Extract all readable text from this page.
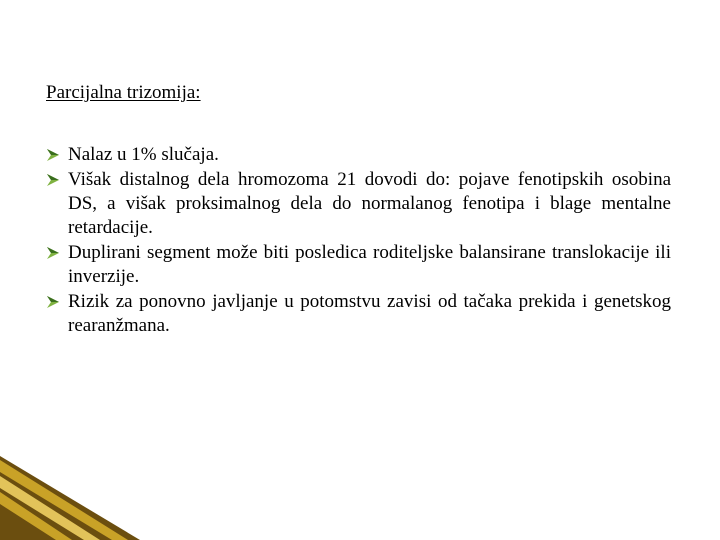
Parcijalna trizomija:
Nalaz u 1% slučaja.
Višak distalnog dela hromozoma 21 dovodi do: pojave fenotipskih osobina DS, a višak proksimalnog dela do normalanog fenotipa i blage mentalne retardacije.
Duplirani segment može biti posledica roditeljske balansirane translokacije ili inverzije.
Rizik za ponovno javljanje u potomstvu zavisi od tačaka prekida i genetskog rearanžmana.
